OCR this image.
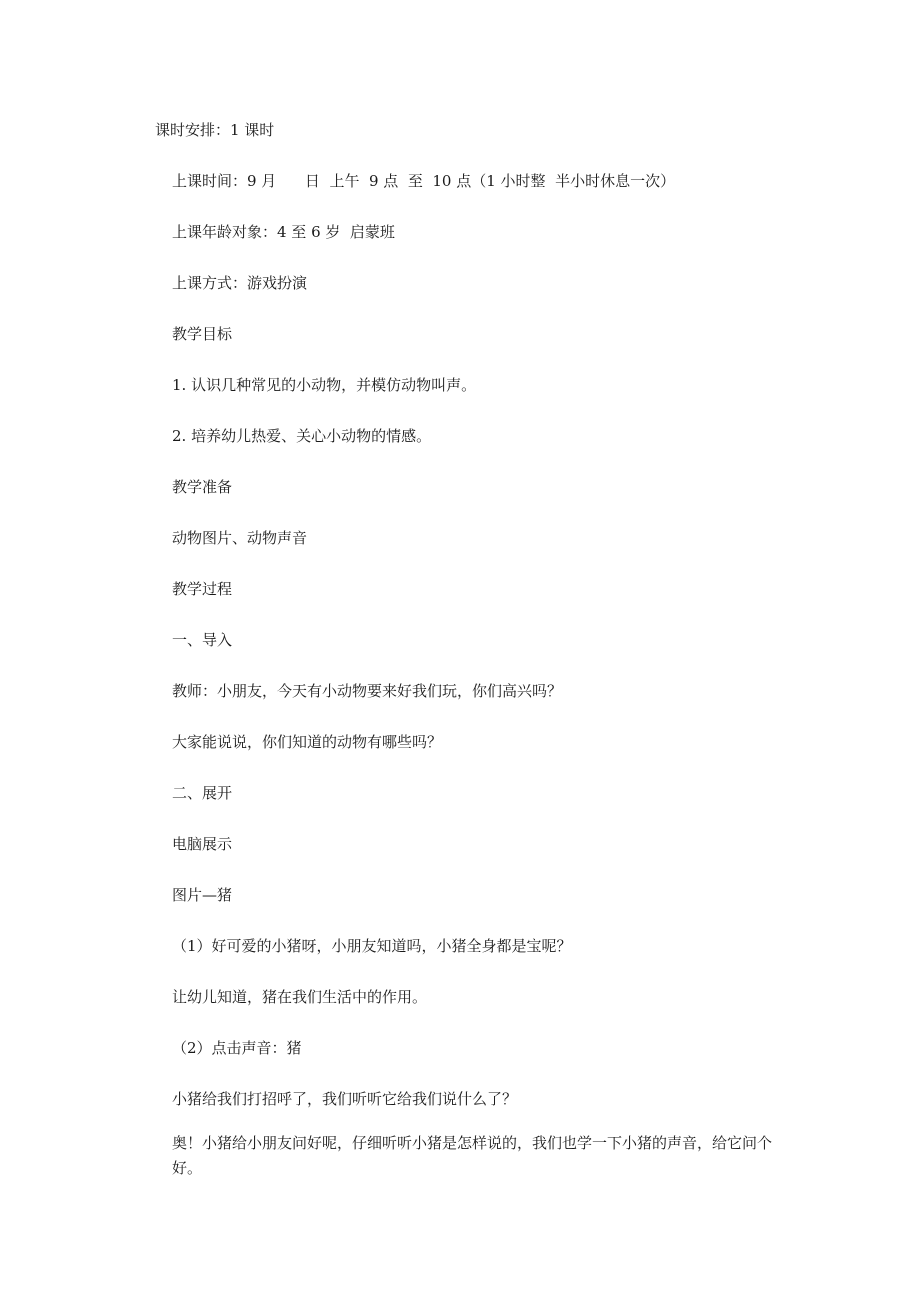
课时安排：1 课时

上课时间：9 月      日  上午  9 点  至  10 点（1 小时整  半小时休息一次）

上课年龄对象：4 至 6 岁  启蒙班

上课方式：游戏扮演

教学目标

1. 认识几种常见的小动物，并模仿动物叫声。

2. 培养幼儿热爱、关心小动物的情感。

教学准备

动物图片、动物声音

教学过程

一、导入

教师：小朋友，今天有小动物要来好我们玩，你们高兴吗？

大家能说说，你们知道的动物有哪些吗？

二、展开

电脑展示

图片—猪

（1）好可爱的小猪呀，小朋友知道吗，小猪全身都是宝呢？

让幼儿知道，猪在我们生活中的作用。

（2）点击声音：猪

小猪给我们打招呼了，我们听听它给我们说什么了？

奥！小猪给小朋友问好呢，仔细听听小猪是怎样说的，我们也学一下小猪的声音，给它问个好。
